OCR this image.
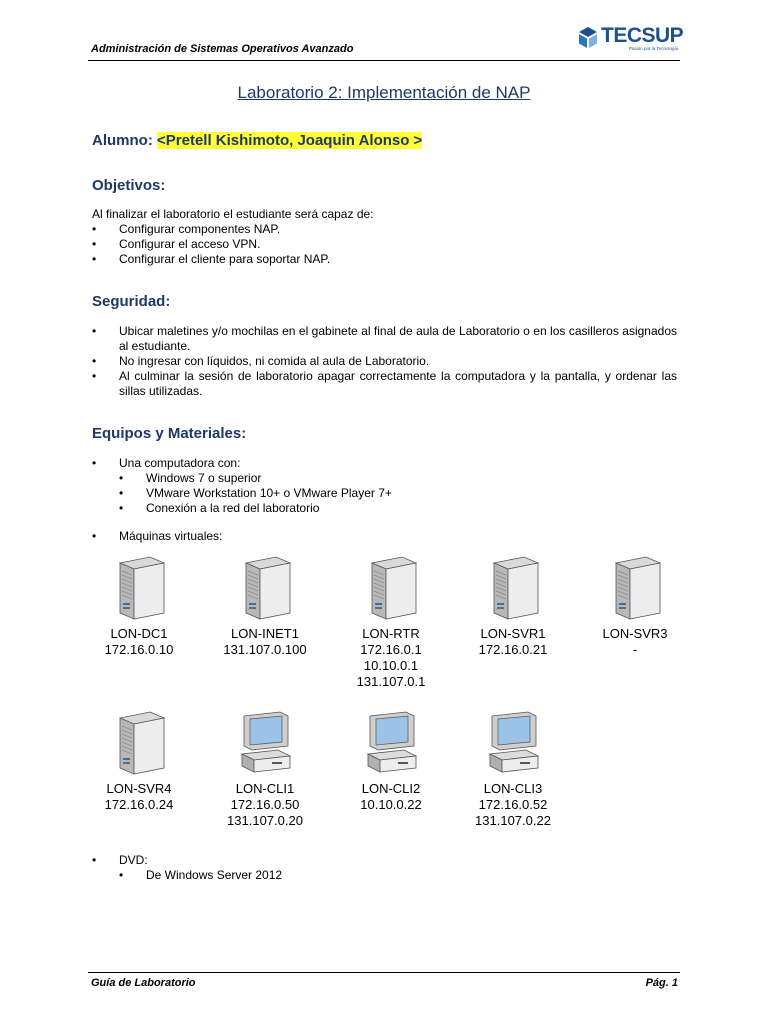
Administración de Sistemas Operativos Avanzado
TECSUP
Pasión por la Tecnología
Laboratorio 2: Implementación de NAP
Alumno: <Pretell Kishimoto, Joaquin Alonso >
Objetivos:
Al finalizar el laboratorio el estudiante será capaz de:
• Configurar componentes NAP.
• Configurar el acceso VPN.
• Configurar el cliente para soportar NAP.
Seguridad:
• Ubicar maletines y/o mochilas en el gabinete al final de aula de Laboratorio o en los casilleros asignados al estudiante.
• No ingresar con líquidos, ni comida al aula de Laboratorio.
• Al culminar la sesión de laboratorio apagar correctamente la computadora y la pantalla, y ordenar las sillas utilizadas.
Equipos y Materiales:
• Una computadora con:
• Windows 7 o superior
• VMware Workstation 10+ o VMware Player 7+
• Conexión a la red del laboratorio
• Máquinas virtuales:
LON-DC1
172.16.0.10
LON-INET1
131.107.0.100
LON-RTR
172.16.0.1
10.10.0.1
131.107.0.1
LON-SVR1
172.16.0.21
LON-SVR3
-
LON-SVR4
172.16.0.24
LON-CLI1
172.16.0.50
131.107.0.20
LON-CLI2
10.10.0.22
LON-CLI3
172.16.0.52
131.107.0.22
• DVD:
• De Windows Server 2012
Guía de Laboratorio	Pág. 1
